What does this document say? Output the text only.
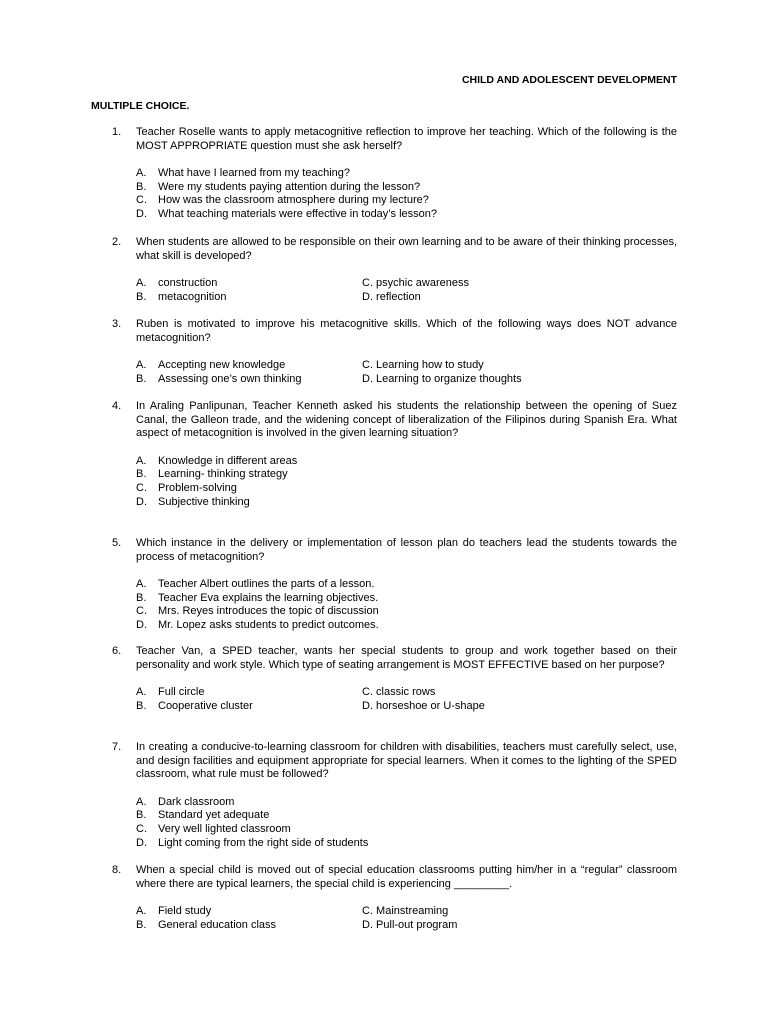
CHILD AND ADOLESCENT DEVELOPMENT
MULTIPLE CHOICE.
1.	Teacher Roselle wants to apply metacognitive reflection to improve her teaching. Which of the following is the MOST APPROPRIATE question must she ask herself?
A. What have I learned from my teaching?
B. Were my students paying attention during the lesson?
C. How was the classroom atmosphere during my lecture?
D. What teaching materials were effective in today’s lesson?
2.	When students are allowed to be responsible on their own learning and to be aware of their thinking processes, what skill is developed?
A. construction	C. psychic awareness
B. metacognition	D. reflection
3.	Ruben is motivated to improve his metacognitive skills. Which of the following ways does NOT advance metacognition?
A. Accepting new knowledge	C. Learning how to study
B. Assessing one’s own thinking	D. Learning to organize thoughts
4.	In Araling Panlipunan, Teacher Kenneth asked his students the relationship between the opening of Suez Canal, the Galleon trade, and the widening concept of liberalization of the Filipinos during Spanish Era. What aspect of metacognition is involved in the given learning situation?
A. Knowledge in different areas
B. Learning- thinking strategy
C. Problem-solving
D. Subjective thinking
5.	Which instance in the delivery or implementation of lesson plan do teachers lead the students towards the process of metacognition?
A. Teacher Albert outlines the parts of a lesson.
B. Teacher Eva explains the learning objectives.
C. Mrs. Reyes introduces the topic of discussion
D. Mr. Lopez asks students to predict outcomes.
6.	Teacher Van, a SPED teacher, wants her special students to group and work together based on their personality and work style. Which type of seating arrangement is MOST EFFECTIVE based on her purpose?
A. Full circle	C. classic rows
B. Cooperative cluster	D. horseshoe or U-shape
7.	In creating a conducive-to-learning classroom for children with disabilities, teachers must carefully select, use, and design facilities and equipment appropriate for special learners. When it comes to the lighting of the SPED classroom, what rule must be followed?
A. Dark classroom
B. Standard yet adequate
C. Very well lighted classroom
D. Light coming from the right side of students
8.	When a special child is moved out of special education classrooms putting him/her in a “regular” classroom where there are typical learners, the special child is experiencing _________.
A. Field study	C. Mainstreaming
B. General education class	D. Pull-out program
